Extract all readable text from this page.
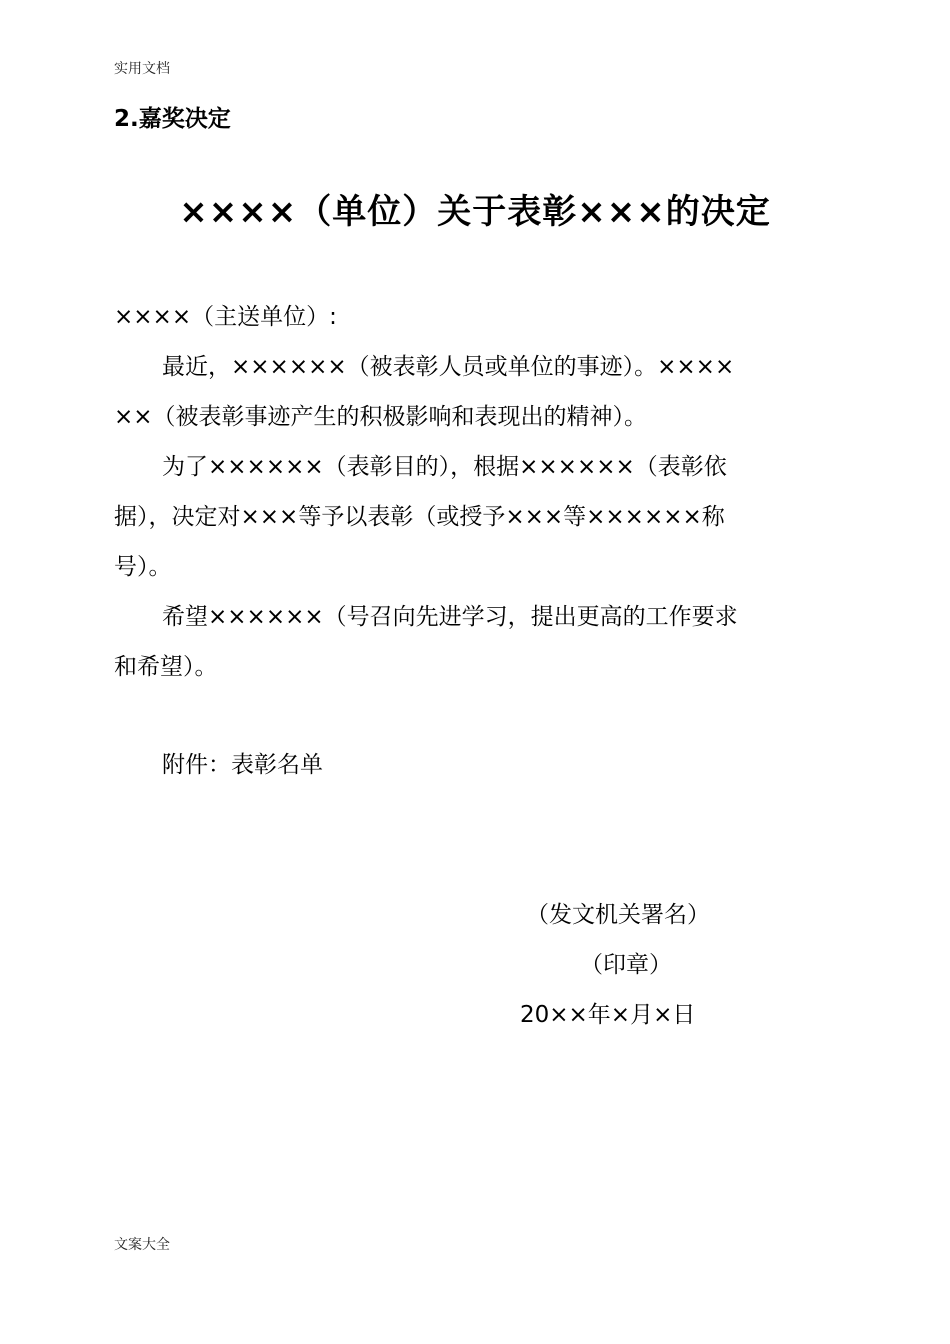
实用文档
2.嘉奖决定
××××（单位）关于表彰×××的决定
××××（主送单位）:
最近，××××××（被表彰人员或单位的事迹）。××××
××（被表彰事迹产生的积极影响和表现出的精神）。
为了××××××（表彰目的），根据××××××（表彰依
据），决定对×××等予以表彰（或授予×××等××××××称
号）。
希望××××××（号召向先进学习，提出更高的工作要求
和希望）。
附件：表彰名单
（发文机关署名）
（印章）
20××年×月×日
文案大全
